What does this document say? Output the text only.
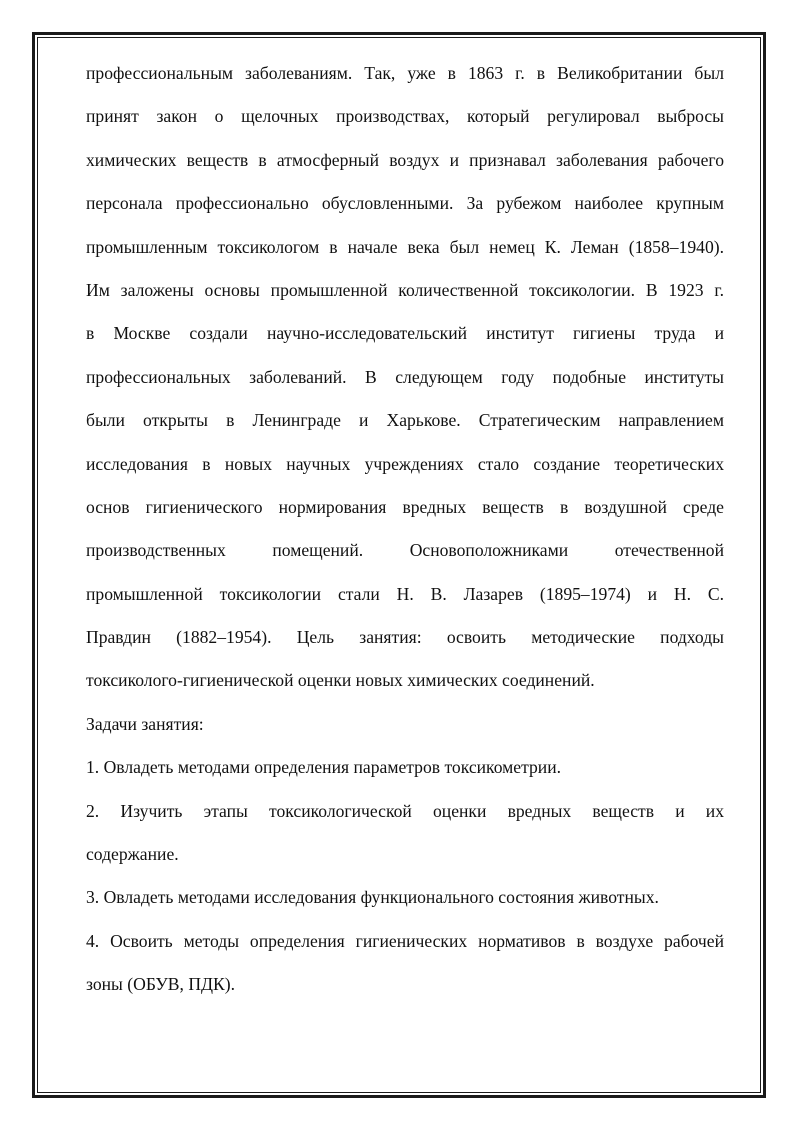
профессиональным заболеваниям. Так, уже в 1863 г. в Великобритании был
принят закон о щелочных производствах, который регулировал выбросы
химических веществ в атмосферный воздух и признавал заболевания рабочего
персонала профессионально обусловленными. За рубежом наиболее крупным
промышленным токсикологом в начале века был немец К. Леман (1858–1940).
Им заложены основы промышленной количественной токсикологии. В 1923 г.
в Москве создали научно-исследовательский институт гигиены труда и
профессиональных заболеваний. В следующем году подобные институты
были открыты в Ленинграде и Харькове. Стратегическим направлением
исследования в новых научных учреждениях стало создание теоретических
основ гигиенического нормирования вредных веществ в воздушной среде
производственных помещений. Основоположниками отечественной
промышленной токсикологии стали Н. В. Лазарев (1895–1974) и Н. С.
Правдин (1882–1954). Цель занятия: освоить методические подходы
токсиколого-гигиенической оценки новых химических соединений.
Задачи занятия:
1. Овладеть методами определения параметров токсикометрии.
2. Изучить этапы токсикологической оценки вредных веществ и их
содержание.
3. Овладеть методами исследования функционального состояния животных.
4. Освоить методы определения гигиенических нормативов в воздухе рабочей
зоны (ОБУВ, ПДК).
